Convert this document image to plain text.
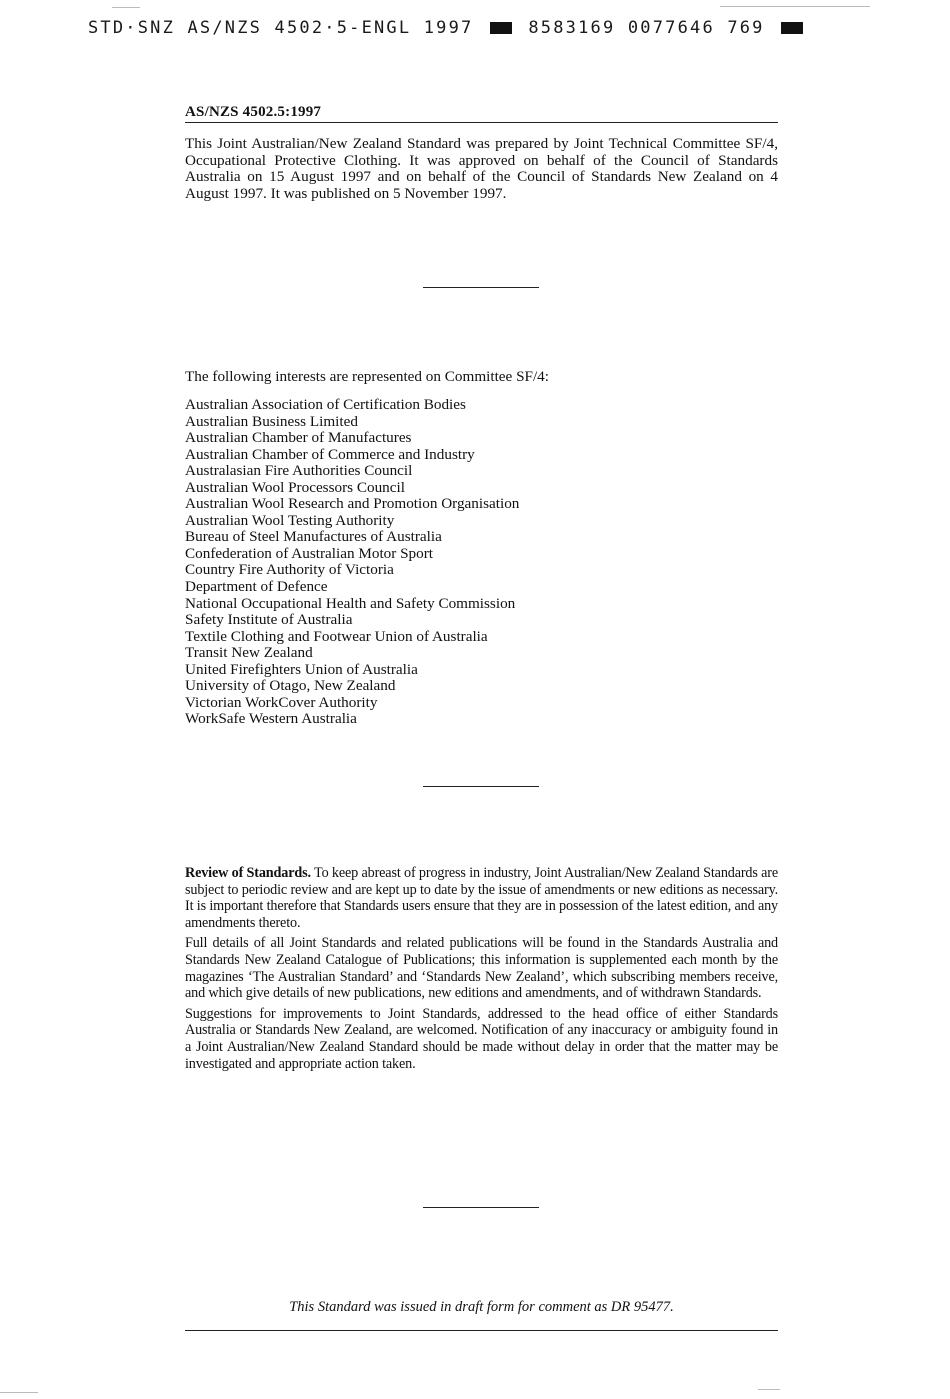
STD·SNZ AS/NZS 4502·5-ENGL 1997	8583169 0077646 769
AS/NZS 4502.5:1997
This Joint Australian/New Zealand Standard was prepared by Joint Technical Committee SF/4, Occupational Protective Clothing. It was approved on behalf of the Council of Standards Australia on 15 August 1997 and on behalf of the Council of Standards New Zealand on 4 August 1997. It was published on 5 November 1997.
The following interests are represented on Committee SF/4:
Australian Association of Certification Bodies
Australian Business Limited
Australian Chamber of Manufactures
Australian Chamber of Commerce and Industry
Australasian Fire Authorities Council
Australian Wool Processors Council
Australian Wool Research and Promotion Organisation
Australian Wool Testing Authority
Bureau of Steel Manufactures of Australia
Confederation of Australian Motor Sport
Country Fire Authority of Victoria
Department of Defence
National Occupational Health and Safety Commission
Safety Institute of Australia
Textile Clothing and Footwear Union of Australia
Transit New Zealand
United Firefighters Union of Australia
University of Otago, New Zealand
Victorian WorkCover Authority
WorkSafe Western Australia

Review of Standards. To keep abreast of progress in industry, Joint Australian/New Zealand Standards are subject to periodic review and are kept up to date by the issue of amendments or new editions as necessary. It is important therefore that Standards users ensure that they are in possession of the latest edition, and any amendments thereto.

Full details of all Joint Standards and related publications will be found in the Standards Australia and Standards New Zealand Catalogue of Publications; this information is supplemented each month by the magazines ‘The Australian Standard’ and ‘Standards New Zealand’, which subscribing members receive, and which give details of new publications, new editions and amendments, and of withdrawn Standards.

Suggestions for improvements to Joint Standards, addressed to the head office of either Standards Australia or Standards New Zealand, are welcomed. Notification of any inaccuracy or ambiguity found in a Joint Australian/New Zealand Standard should be made without delay in order that the matter may be investigated and appropriate action taken.

This Standard was issued in draft form for comment as DR 95477.
